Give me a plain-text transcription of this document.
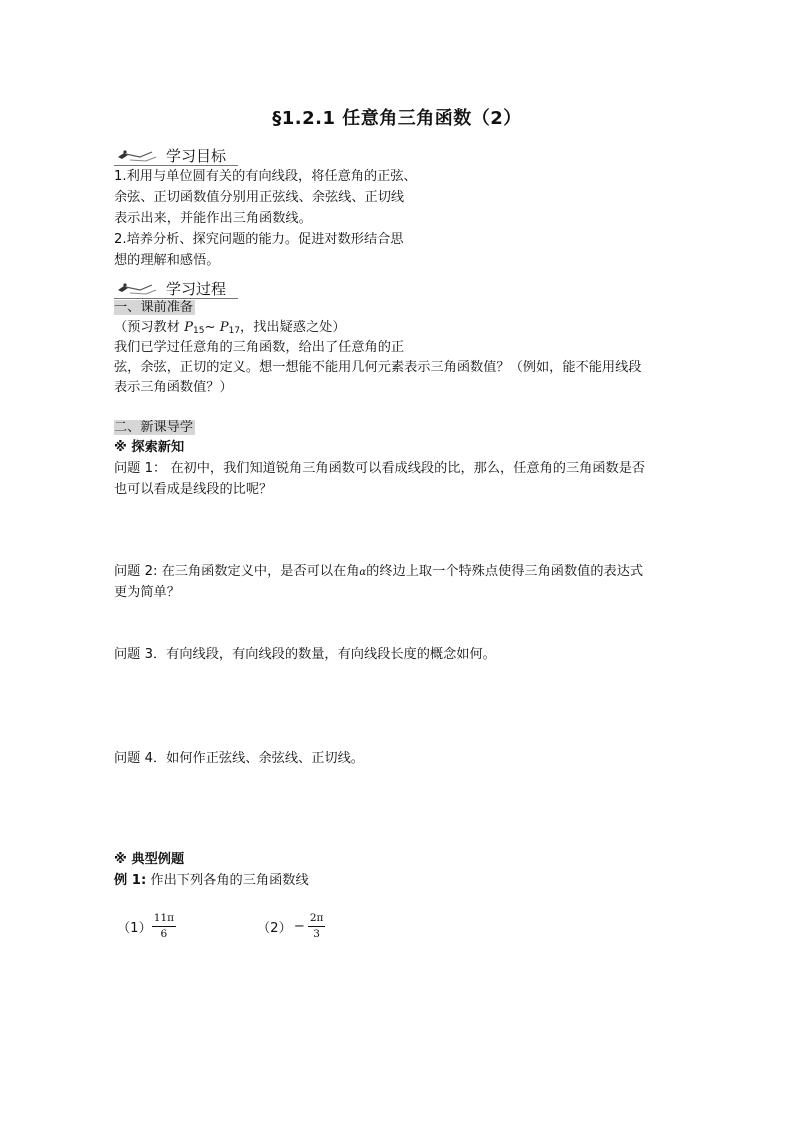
§1.2.1 任意角三角函数（2）
学习目标
1.利用与单位圆有关的有向线段，将任意角的正弦、
余弦、正切函数值分别用正弦线、余弦线、正切线
表示出来，并能作出三角函数线。
2.培养分析、探究问题的能力。促进对数形结合思
想的理解和感悟。
学习过程
一、课前准备
（预习教材 $P_{15}\sim$ $P_{17}$，找出疑惑之处）
我们已学过任意角的三角函数，给出了任意角的正
弦，余弦，正切的定义。想一想能不能用几何元素表示三角函数值？（例如，能不能用线段
表示三角函数值？）
二、新课导学
※ 探索新知
问题 1： 在初中，我们知道锐角三角函数可以看成线段的比，那么，任意角的三角函数是否
也可以看成是线段的比呢？
问题 2: 在三角函数定义中，是否可以在角α的终边上取一个特殊点使得三角函数值的表达式
更为简单？
问题 3．有向线段，有向线段的数量，有向线段长度的概念如何。
问题 4．如何作正弦线、余弦线、正切线。
※ 典型例题
例 1: 作出下列各角的三角函数线
$(1) \frac{11\pi}{6}$	$(2) - \frac{2\pi}{3}$
